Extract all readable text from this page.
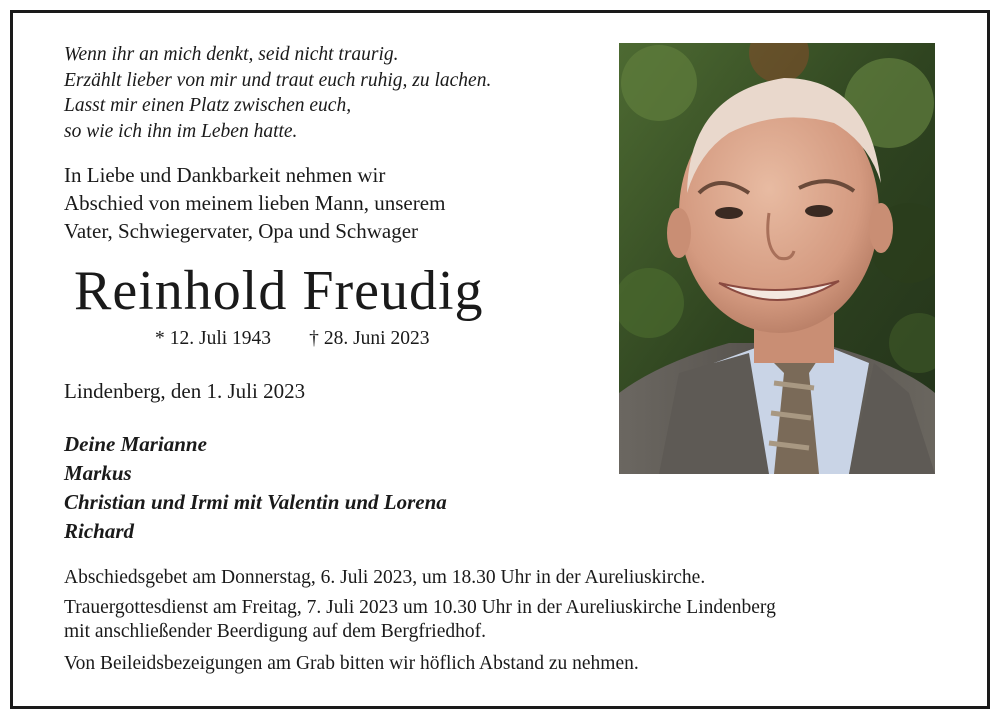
Wenn ihr an mich denkt, seid nicht traurig.
Erzählt lieber von mir und traut euch ruhig, zu lachen.
Lasst mir einen Platz zwischen euch,
so wie ich ihn im Leben hatte.
In Liebe und Dankbarkeit nehmen wir
Abschied von meinem lieben Mann, unserem
Vater, Schwiegervater, Opa und Schwager
Reinhold Freudig
* 12. Juli 1943 † 28. Juni 2023
Lindenberg, den 1. Juli 2023
Deine Marianne
Markus
Christian und Irmi mit Valentin und Lorena
Richard
Abschiedsgebet am Donnerstag, 6. Juli 2023, um 18.30 Uhr in der Aureliuskirche.
Trauergottesdienst am Freitag, 7. Juli 2023 um 10.30 Uhr in der Aureliuskirche Lindenberg
mit anschließender Beerdigung auf dem Bergfriedhof.
Von Beileidsbezeigungen am Grab bitten wir höflich Abstand zu nehmen.
